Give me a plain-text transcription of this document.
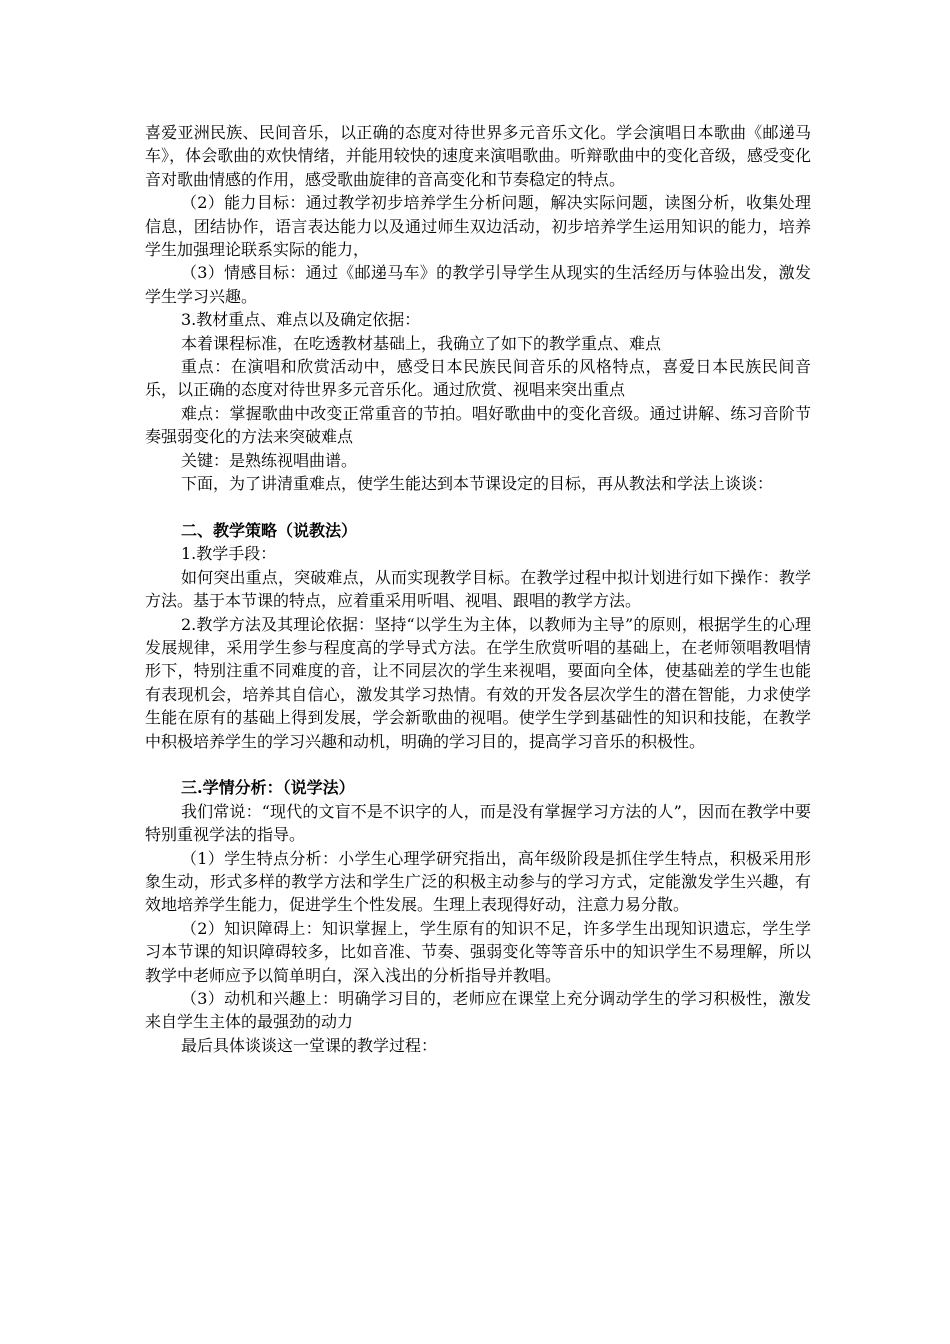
喜爱亚洲民族、民间音乐，以正确的态度对待世界多元音乐文化。学会演唱日本歌曲《邮递马车》，体会歌曲的欢快情绪，并能用较快的速度来演唱歌曲。听辩歌曲中的变化音级，感受变化音对歌曲情感的作用，感受歌曲旋律的音高变化和节奏稳定的特点。

（2）能力目标：通过教学初步培养学生分析问题，解决实际问题，读图分析，收集处理信息，团结协作，语言表达能力以及通过师生双边活动，初步培养学生运用知识的能力，培养学生加强理论联系实际的能力，

（3）情感目标：通过《邮递马车》的教学引导学生从现实的生活经历与体验出发，激发学生学习兴趣。

3.教材重点、难点以及确定依据：

本着课程标准，在吃透教材基础上，我确立了如下的教学重点、难点

重点：在演唱和欣赏活动中，感受日本民族民间音乐的风格特点，喜爱日本民族民间音乐，以正确的态度对待世界多元音乐化。通过欣赏、视唱来突出重点

难点：掌握歌曲中改变正常重音的节拍。唱好歌曲中的变化音级。通过讲解、练习音阶节奏强弱变化的方法来突破难点

关键：是熟练视唱曲谱。

下面，为了讲清重难点，使学生能达到本节课设定的目标，再从教法和学法上谈谈：

二、教学策略（说教法）

1.教学手段：

如何突出重点，突破难点，从而实现教学目标。在教学过程中拟计划进行如下操作：教学方法。基于本节课的特点，应着重采用听唱、视唱、跟唱的教学方法。

2.教学方法及其理论依据：坚持“以学生为主体，以教师为主导”的原则，根据学生的心理发展规律，采用学生参与程度高的学导式方法。在学生欣赏听唱的基础上，在老师领唱教唱情形下，特别注重不同难度的音，让不同层次的学生来视唱，要面向全体，使基础差的学生也能有表现机会，培养其自信心，激发其学习热情。有效的开发各层次学生的潜在智能，力求使学生能在原有的基础上得到发展，学会新歌曲的视唱。使学生学到基础性的知识和技能，在教学中积极培养学生的学习兴趣和动机，明确的学习目的，提高学习音乐的积极性。

三.学情分析：（说学法）

我们常说：“现代的文盲不是不识字的人，而是没有掌握学习方法的人”，因而在教学中要特别重视学法的指导。

（1）学生特点分析：小学生心理学研究指出，高年级阶段是抓住学生特点，积极采用形象生动，形式多样的教学方法和学生广泛的积极主动参与的学习方式，定能激发学生兴趣，有效地培养学生能力，促进学生个性发展。生理上表现得好动，注意力易分散。

（2）知识障碍上：知识掌握上，学生原有的知识不足，许多学生出现知识遗忘，学生学习本节课的知识障碍较多，比如音准、节奏、强弱变化等等音乐中的知识学生不易理解，所以教学中老师应予以简单明白，深入浅出的分析指导并教唱。

（3）动机和兴趣上：明确学习目的，老师应在课堂上充分调动学生的学习积极性，激发来自学生主体的最强劲的动力

最后具体谈谈这一堂课的教学过程：
